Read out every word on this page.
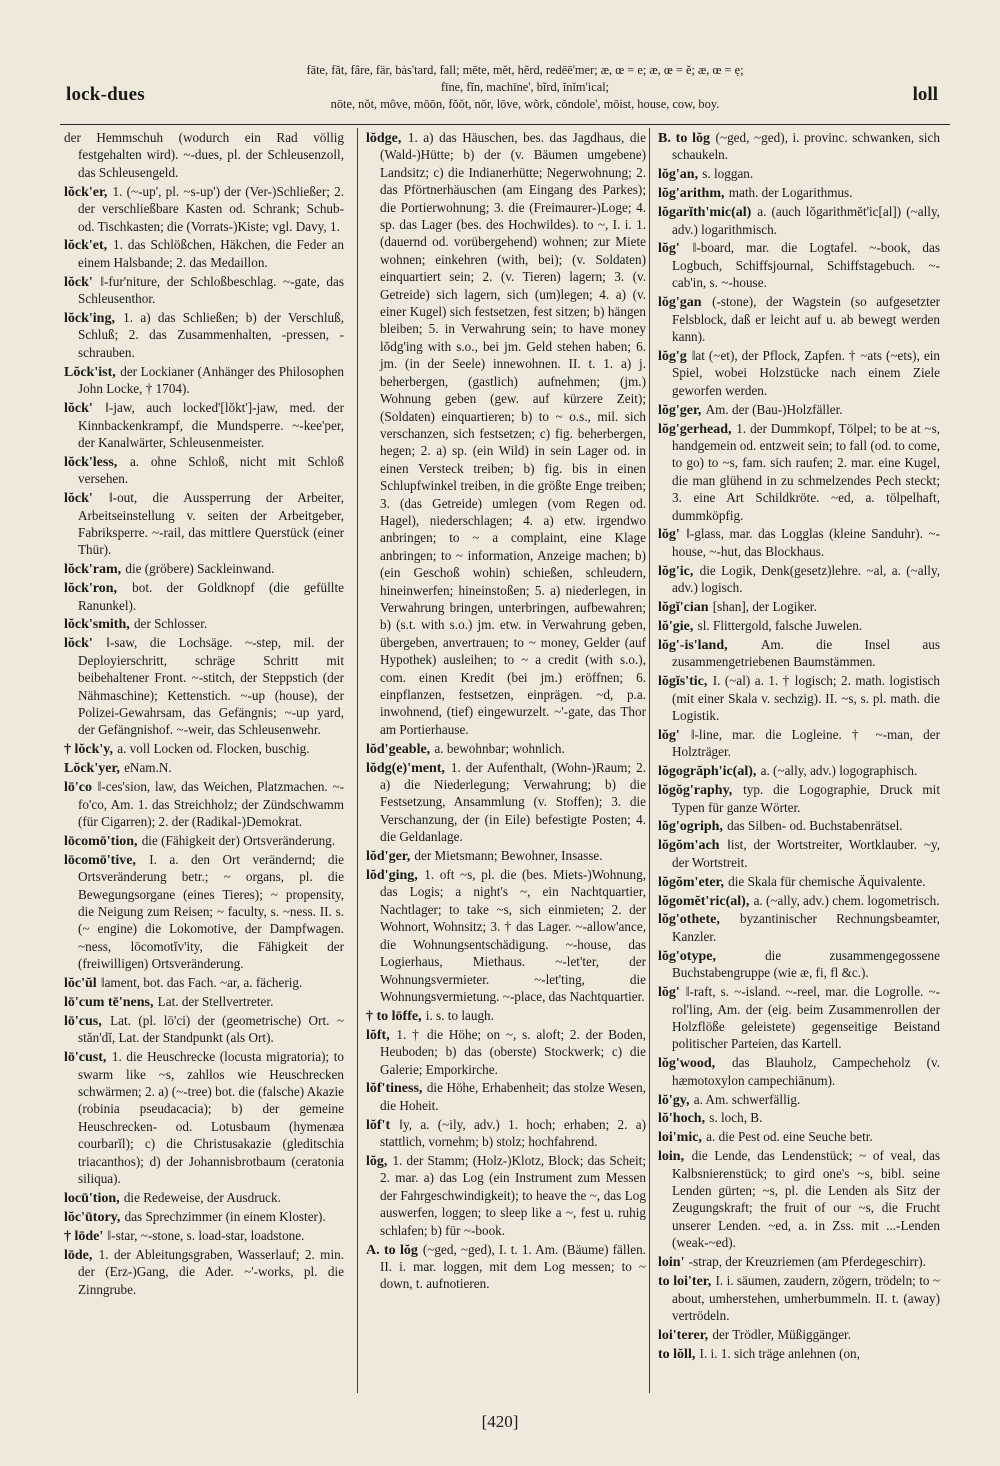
lock-dues
fāte, făt, fâre, fär, bȧs'tard, fall; mēte, mĕt, hẽrd, redēē'mer; æ, œ = e; æ, œ = ĕ; æ, œ = ẹ;
fīne, fĭn, machīne', bĩrd, ĭnĭm'ical;
nōte, nŏt, môve, mōōn, fŏŏt, nŏr, lōve, wõrk, cŏndole', mōist, house, cow, boy.	loll

der Hemmschuh (wodurch ein Rad völlig festgehalten wird). ~-dues, pl. der Schleusenzoll, das Schleusengeld.

lŏck'er, 1. (~-up', pl. ~s-up') der (Ver-)Schließer; 2. der verschließbare Kasten od. Schrank; Schub- od. Tischkasten; die (Vorrats-)Kiste; vgl. Davy, 1.

lŏck'et, 1. das Schlößchen, Häkchen, die Feder an einem Halsbande; 2. das Medaillon.

lŏck' ‖-fur'niture, der Schloßbeschlag. ~-gate, das Schleusenthor.

lŏck'ing, 1. a) das Schließen; b) der Verschluß, Schluß; 2. das Zusammenhalten, -pressen, -schrauben.

Lŏck'ist, der Lockianer (Anhänger des Philosophen John Locke, † 1704).

lŏck' ‖-jaw, auch locked'[lŏkt']-jaw, med. der Kinnbackenkrampf, die Mundsperre. ~-kee'per, der Kanalwärter, Schleusenmeister.

lŏck'less, a. ohne Schloß, nicht mit Schloß versehen.

lŏck' ‖-out, die Aussperrung der Arbeiter, Arbeitseinstellung v. seiten der Arbeitgeber, Fabriksperre. ~-rail, das mittlere Querstück (einer Thür).

lŏck'ram, die (gröbere) Sackleinwand.

lŏck'ron, bot. der Goldknopf (die gefüllte Ranunkel).

lŏck'smith, der Schlosser.

lŏck' ‖-saw, die Lochsäge. ~-step, mil. der Deployierschritt, schräge Schritt mit beibehaltener Front. ~-stitch, der Steppstich (der Nähmaschine); Kettenstich. ~-up (house), der Polizei-Gewahrsam, das Gefängnis; ~-up yard, der Gefängnishof. ~-weir, das Schleusenwehr.

† lŏck'y, a. voll Locken od. Flocken, buschig.

Lŏck'yer, eNam.N.

lō'co ‖-ces'sion, law, das Weichen, Platzmachen. ~-fo'co, Am. 1. das Streichholz; der Zündschwamm (für Cigarren); 2. der (Radikal-)Demokrat.

lōcomō'tion, die (Fähigkeit der) Ortsveränderung.

lōcomō'tive, I. a. den Ort verändernd; die Ortsveränderung betr.; ~ organs, pl. die Bewegungsorgane (eines Tieres); ~ propensity, die Neigung zum Reisen; ~ faculty, s. ~ness. II. s. (~ engine) die Lokomotive, der Dampfwagen. ~ness, lōcomotĭv'ity, die Fähigkeit der (freiwilligen) Ortsveränderung.

lŏc'ŭl ‖ament, bot. das Fach. ~ar, a. fächerig.

lō'cum tē'nens, Lat. der Stellvertreter.

lō'cus, Lat. (pl. lō'ci) der (geometrische) Ort. ~ stăn'dĭ, Lat. der Standpunkt (als Ort).

lō'cust, 1. die Heuschrecke (locusta migratoria); to swarm like ~s, zahllos wie Heuschrecken schwärmen; 2. a) (~-tree) bot. die (falsche) Akazie (robinia pseudacacia); b) der gemeine Heuschrecken- od. Lotusbaum (hymenæa courbarĭl); c) die Christusakazie (gleditschia triacanthos); d) der Johannisbrotbaum (ceratonia siliqua).

locū'tion, die Redeweise, der Ausdruck.

lŏc'ūtory, das Sprechzimmer (in einem Kloster).

† lōde' ‖-star, ~-stone, s. load-star, loadstone.

lōde, 1. der Ableitungsgraben, Wasserlauf; 2. min. der (Erz-)Gang, die Ader. ~'-works, pl. die Zinngrube.

lŏdge, 1. a) das Häuschen, bes. das Jagdhaus, die (Wald-)Hütte; b) der (v. Bäumen umgebene) Landsitz; c) die Indianerhütte; Negerwohnung; 2. das Pförtnerhäuschen (am Eingang des Parkes); die Portierwohnung; 3. die (Freimaurer-)Loge; 4. sp. das Lager (bes. des Hochwildes). to ~, I. i. 1. (dauernd od. vorübergehend) wohnen; zur Miete wohnen; einkehren (with, bei); (v. Soldaten) einquartiert sein; 2. (v. Tieren) lagern; 3. (v. Getreide) sich lagern, sich (um)legen; 4. a) (v. einer Kugel) sich festsetzen, fest sitzen; b) hängen bleiben; 5. in Verwahrung sein; to have money lŏdg'ing with s.o., bei jm. Geld stehen haben; 6. jm. (in der Seele) innewohnen. II. t. 1. a) j. beherbergen, (gastlich) aufnehmen; (jm.) Wohnung geben (gew. auf kürzere Zeit); (Soldaten) einquartieren; b) to ~ o.s., mil. sich verschanzen, sich festsetzen; c) fig. beherbergen, hegen; 2. a) sp. (ein Wild) in sein Lager od. in einen Versteck treiben; b) fig. bis in einen Schlupfwinkel treiben, in die größte Enge treiben; 3. (das Getreide) umlegen (vom Regen od. Hagel), niederschlagen; 4. a) etw. irgendwo anbringen; to ~ a complaint, eine Klage anbringen; to ~ information, Anzeige machen; b) (ein Geschoß wohin) schießen, schleudern, hineinwerfen; hineinstoßen; 5. a) niederlegen, in Verwahrung bringen, unterbringen, aufbewahren; b) (s.t. with s.o.) jm. etw. in Verwahrung geben, übergeben, anvertrauen; to ~ money, Gelder (auf Hypothek) ausleihen; to ~ a credit (with s.o.), com. einen Kredit (bei jm.) eröffnen; 6. einpflanzen, festsetzen, einprägen. ~d, p.a. inwohnend, (tief) eingewurzelt. ~'-gate, das Thor am Portierhause.

lŏd'geable, a. bewohnbar; wohnlich.

lŏdg(e)'ment, 1. der Aufenthalt, (Wohn-)Raum; 2. a) die Niederlegung; Verwahrung; b) die Festsetzung, Ansammlung (v. Stoffen); 3. die Verschanzung, der (in Eile) befestigte Posten; 4. die Geldanlage.

lŏd'ger, der Mietsmann; Bewohner, Insasse.

lŏd'ging, 1. oft ~s, pl. die (bes. Miets-)Wohnung, das Logis; a night's ~, ein Nachtquartier, Nachtlager; to take ~s, sich einmieten; 2. der Wohnort, Wohnsitz; 3. † das Lager. ~-allow'ance, die Wohnungsentschädigung. ~-house, das Logierhaus, Miethaus. ~-let'ter, der Wohnungsvermieter. ~-let'ting, die Wohnungsvermietung. ~-place, das Nachtquartier.

† to lōffe, i. s. to laugh.

lŏft, 1. † die Höhe; on ~, s. aloft; 2. der Boden, Heuboden; b) das (oberste) Stockwerk; c) die Galerie; Emporkirche.

lŏf'tiness, die Höhe, Erhabenheit; das stolze Wesen, die Hoheit.

lŏf't ‖y, a. (~ily, adv.) 1. hoch; erhaben; 2. a) stattlich, vornehm; b) stolz; hochfahrend.

lŏg, 1. der Stamm; (Holz-)Klotz, Block; das Scheit; 2. mar. a) das Log (ein Instrument zum Messen der Fahrgeschwindigkeit); to heave the ~, das Log auswerfen, loggen; to sleep like a ~, fest u. ruhig schlafen; b) für ~-book.

A. to lŏg (~ged, ~ged), I. t. 1. Am. (Bäume) fällen. II. i. mar. loggen, mit dem Log messen; to ~ down, t. aufnotieren.

B. to lŏg (~ged, ~ged), i. provinc. schwanken, sich schaukeln.

lŏg'an, s. loggan.

lŏg'arithm, math. der Logarithmus.

lŏgarĭth'mic(al) a. (auch lŏgarithmĕt'ic[al]) (~ally, adv.) logarithmisch.

lŏg' ‖-board, mar. die Logtafel. ~-book, das Logbuch, Schiffsjournal, Schiffstagebuch. ~-cab'in, s. ~-house.

lŏg'gan (-stone), der Wagstein (so aufgesetzter Felsblock, daß er leicht auf u. ab bewegt werden kann).

lŏg'g ‖at (~et), der Pflock, Zapfen. † ~ats (~ets), ein Spiel, wobei Holzstücke nach einem Ziele geworfen werden.

lŏg'ger, Am. der (Bau-)Holzfäller.

lŏg'gerhead, 1. der Dummkopf, Tölpel; to be at ~s, handgemein od. entzweit sein; to fall (od. to come, to go) to ~s, fam. sich raufen; 2. mar. eine Kugel, die man glühend in zu schmelzendes Pech steckt; 3. eine Art Schildkröte. ~ed, a. tölpelhaft, dummköpfig.

lŏg' ‖-glass, mar. das Logglas (kleine Sanduhr). ~-house, ~-hut, das Blockhaus.

lŏg'ic, die Logik, Denk(gesetz)lehre. ~al, a. (~ally, adv.) logisch.

lŏgĭ'cian [shan], der Logiker.

lŏ'gie, sl. Flittergold, falsche Juwelen.

lŏg'-is'land,	Am. die Insel aus zusammengetriebenen Baumstämmen.

lŏgĭs'tic, I. (~al) a. 1. † logisch; 2. math. logistisch (mit einer Skala v. sechzig). II. ~s, s. pl. math. die Logistik.

lŏg' ‖-line, mar. die Logleine. † ~-man, der Holzträger.

lŏgogrăph'ic(al), a. (~ally, adv.) logographisch.

lŏgŏg'raphy, typ. die Logographie, Druck mit Typen für ganze Wörter.

lŏg'ogriph, das Silben- od. Buchstabenrätsel.

lŏgŏm'ach ‖ist, der Wortstreiter, Wortklauber. ~y, der Wortstreit.

lŏgŏm'eter, die Skala für chemische Äquivalente.

lŏgomĕt'ric(al), a. (~ally, adv.) chem. logometrisch.

lŏg'othete, byzantinischer Rechnungsbeamter, Kanzler.

lŏg'otype,	die zusammengegossene Buchstabengruppe (wie æ, fi, fl &c.).

lŏg' ‖-raft, s. ~-island. ~-reel, mar. die Logrolle. ~-rol'ling, Am. der (eig. beim Zusammenrollen der Holzflöße geleistete) gegenseitige Beistand politischer Parteien, das Kartell.

lŏg'wood, das Blauholz, Campecheholz (v. hæmotoxylon campechiānum).

lŏ'gy, a. Am. schwerfällig.

lŏ'hoch, s. loch, B.

loi'mic, a. die Pest od. eine Seuche betr.

loin, die Lende, das Lendenstück; ~ of veal, das Kalbsnierenstück; to gird one's ~s, bibl. seine Lenden gürten; ~s, pl. die Lenden als Sitz der Zeugungskraft; the fruit of our ~s, die Frucht unserer Lenden. ~ed, a. in Zss. mit ...-Lenden (weak-~ed).

loin' -strap, der Kreuzriemen (am Pferdegeschirr).

to loi'ter, I. i. säumen, zaudern, zögern, trödeln; to ~ about, umherstehen, umherbummeln. II. t. (away) vertrödeln.

loi'terer, der Trödler, Müßiggänger.

to lŏll, I. i. 1. sich träge anlehnen (on,

[420]
